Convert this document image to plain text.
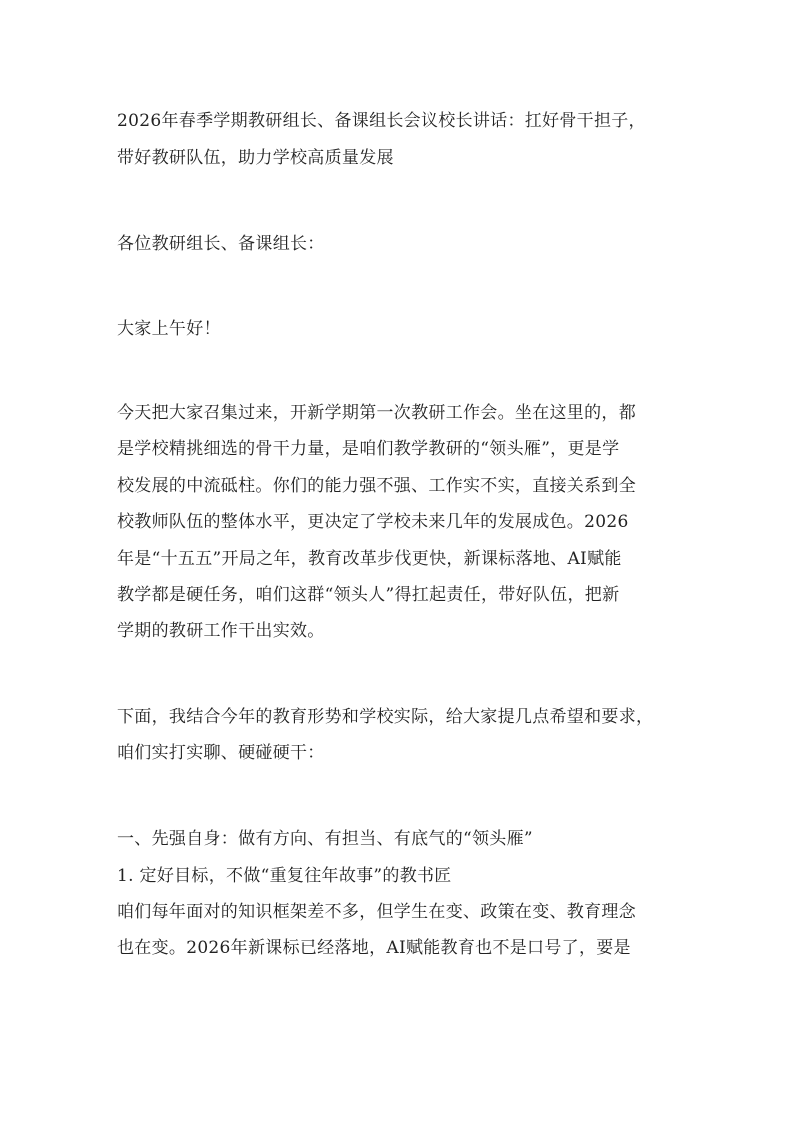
2026年春季学期教研组长、备课组长会议校长讲话：扛好骨干担子，
带好教研队伍，助力学校高质量发展
各位教研组长、备课组长：
大家上午好！
今天把大家召集过来，开新学期第一次教研工作会。坐在这里的，都
是学校精挑细选的骨干力量，是咱们教学教研的“领头雁”，更是学
校发展的中流砥柱。你们的能力强不强、工作实不实，直接关系到全
校教师队伍的整体水平，更决定了学校未来几年的发展成色。2026
年是“十五五”开局之年，教育改革步伐更快，新课标落地、AI赋能
教学都是硬任务，咱们这群“领头人”得扛起责任，带好队伍，把新
学期的教研工作干出实效。
下面，我结合今年的教育形势和学校实际，给大家提几点希望和要求，
咱们实打实聊、硬碰硬干：
一、先强自身：做有方向、有担当、有底气的“领头雁”
1. 定好目标，不做“重复往年故事”的教书匠
咱们每年面对的知识框架差不多，但学生在变、政策在变、教育理念
也在变。2026年新课标已经落地，AI赋能教育也不是口号了，要是
